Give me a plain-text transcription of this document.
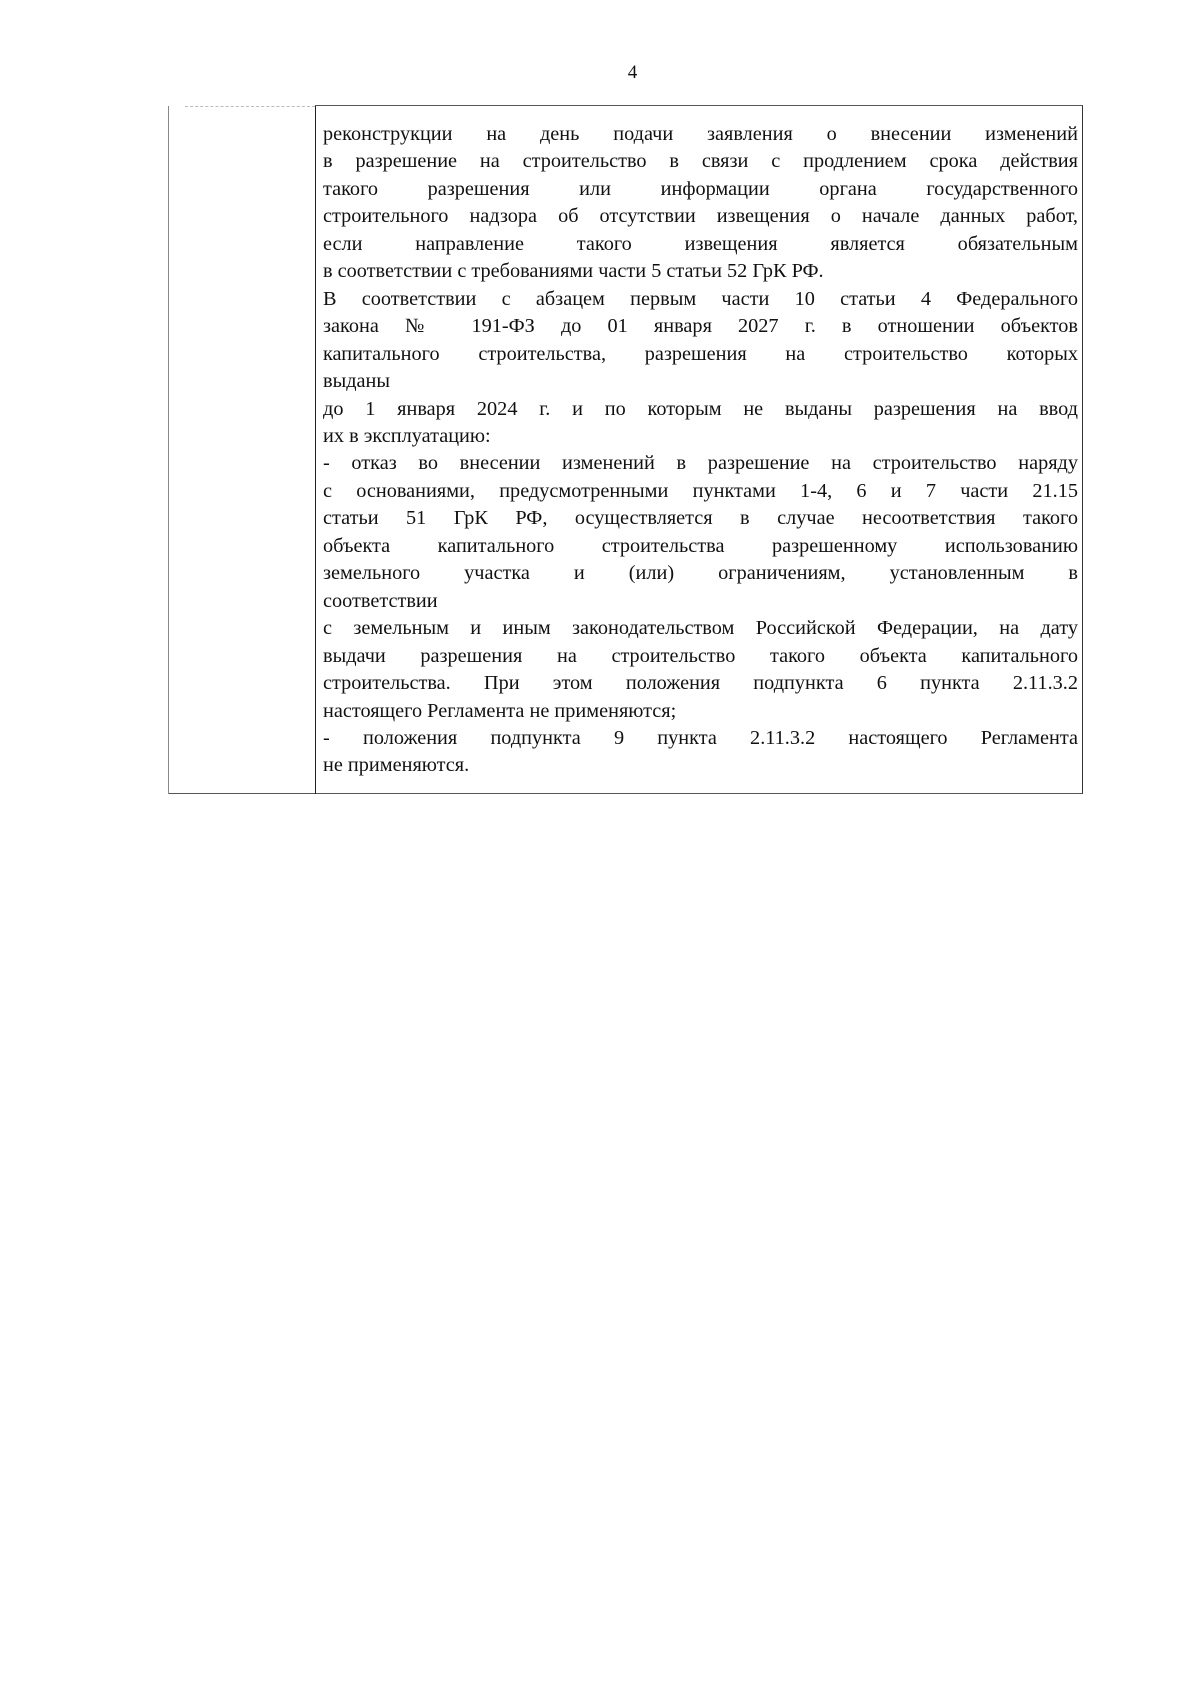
4
реконструкции на день подачи заявления о внесении изменений
в разрешение на строительство в связи с продлением срока действия
такого разрешения или информации органа государственного
строительного надзора об отсутствии извещения о начале данных работ,
если направление такого извещения является обязательным
в соответствии с требованиями части 5 статьи 52 ГрК РФ.
В соответствии с абзацем первым части 10 статьи 4 Федерального
закона № 191-ФЗ до 01 января 2027 г. в отношении объектов
капитального строительства, разрешения на строительство которых
выданы
до 1 января 2024 г. и по которым не выданы разрешения на ввод
их в эксплуатацию:
- отказ во внесении изменений в разрешение на строительство наряду
с основаниями, предусмотренными пунктами 1-4, 6 и 7 части 21.15
статьи 51 ГрК РФ, осуществляется в случае несоответствия такого
объекта капитального строительства разрешенному использованию
земельного участка и (или) ограничениям, установленным в
соответствии
с земельным и иным законодательством Российской Федерации, на дату
выдачи разрешения на строительство такого объекта капитального
строительства. При этом положения подпункта 6 пункта 2.11.3.2
настоящего Регламента не применяются;
- положения подпункта 9 пункта 2.11.3.2 настоящего Регламента
не применяются.
